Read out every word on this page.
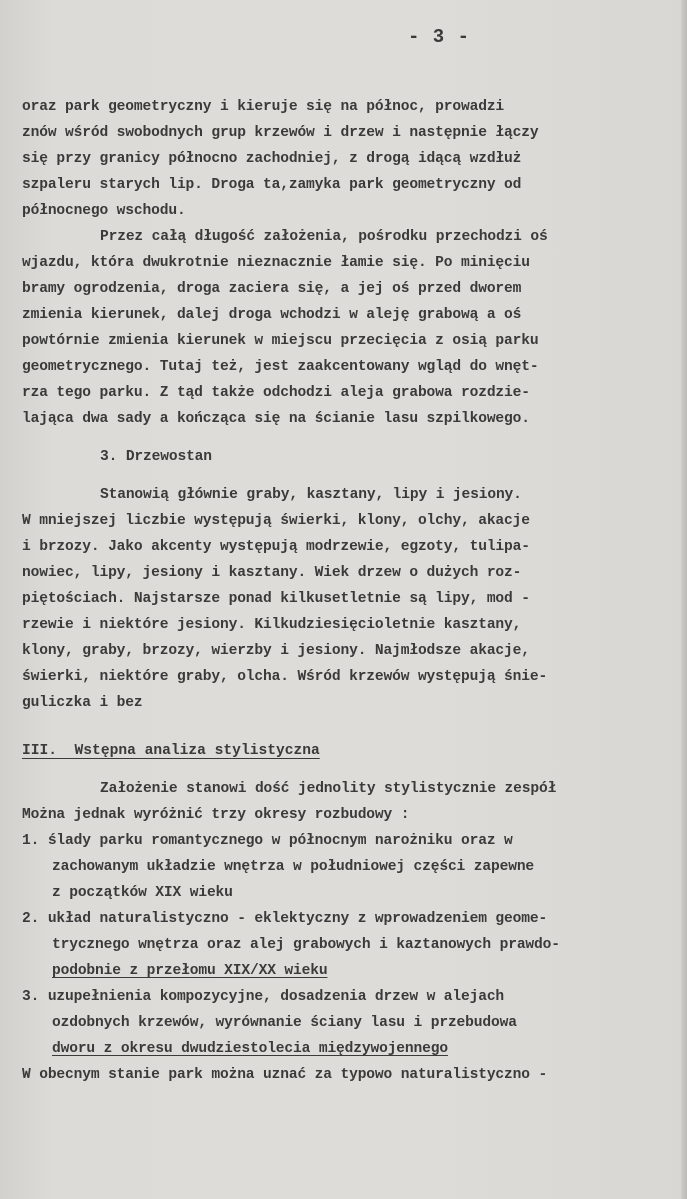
- 3 -
oraz park geometryczny i kieruje się na północ, prowadzi
znów wśród swobodnych grup krzewów i drzew i następnie łączy
się przy granicy północno zachodniej, z drogą idącą wzdłuż
szpaleru starych lip. Droga ta,zamyka park geometryczny od
północnego wschodu.
Przez całą długość założenia, pośrodku przechodzi oś
wjazdu, która dwukrotnie nieznacznie łamie się. Po minięciu
bramy ogrodzenia, droga zaciera się, a jej oś przed dworem
zmienia kierunek, dalej droga wchodzi w aleję grabową a oś
powtórnie zmienia kierunek w miejscu przecięcia z osią parku
geometrycznego. Tutaj też, jest zaakcentowany wgląd do wnęt-
rza tego parku. Z tąd także odchodzi aleja grabowa rozdzie-
lająca dwa sady a kończąca się na ścianie lasu szpilkowego.
3. Drzewostan
Stanowią głównie graby, kasztany, lipy i jesiony.
W mniejszej liczbie występują świerki, klony, olchy, akacje
i brzozy. Jako akcenty występują modrzewie, egzoty, tulipa-
nowiec, lipy, jesiony i kasztany. Wiek drzew o dużych roz-
piętościach. Najstarsze ponad kilkusetletnie są lipy, mod -
rzewie i niektóre jesiony. Kilkudziesięcioletnie kasztany,
klony, graby, brzozy, wierzby i jesiony. Najmłodsze akacje,
świerki, niektóre graby, olcha. Wśród krzewów występują śnie-
guliczka i bez
III.  Wstępna analiza stylistyczna
Założenie stanowi dość jednolity stylistycznie zespół
Można jednak wyróżnić trzy okresy rozbudowy :
1. ślady parku romantycznego w północnym narożniku oraz w
zachowanym układzie wnętrza w południowej części zapewne
z początków XIX wieku
2. układ naturalistyczno - eklektyczny z wprowadzeniem geome-
trycznego wnętrza oraz alej grabowych i kaztanowych prawdo-
podobnie z przełomu XIX/XX wieku
3. uzupełnienia kompozycyjne, dosadzenia drzew w alejach
ozdobnych krzewów, wyrównanie ściany lasu i przebudowa
dworu z okresu dwudziestolecia międzywojennego
W obecnym stanie park można uznać za typowo naturalistyczno -
